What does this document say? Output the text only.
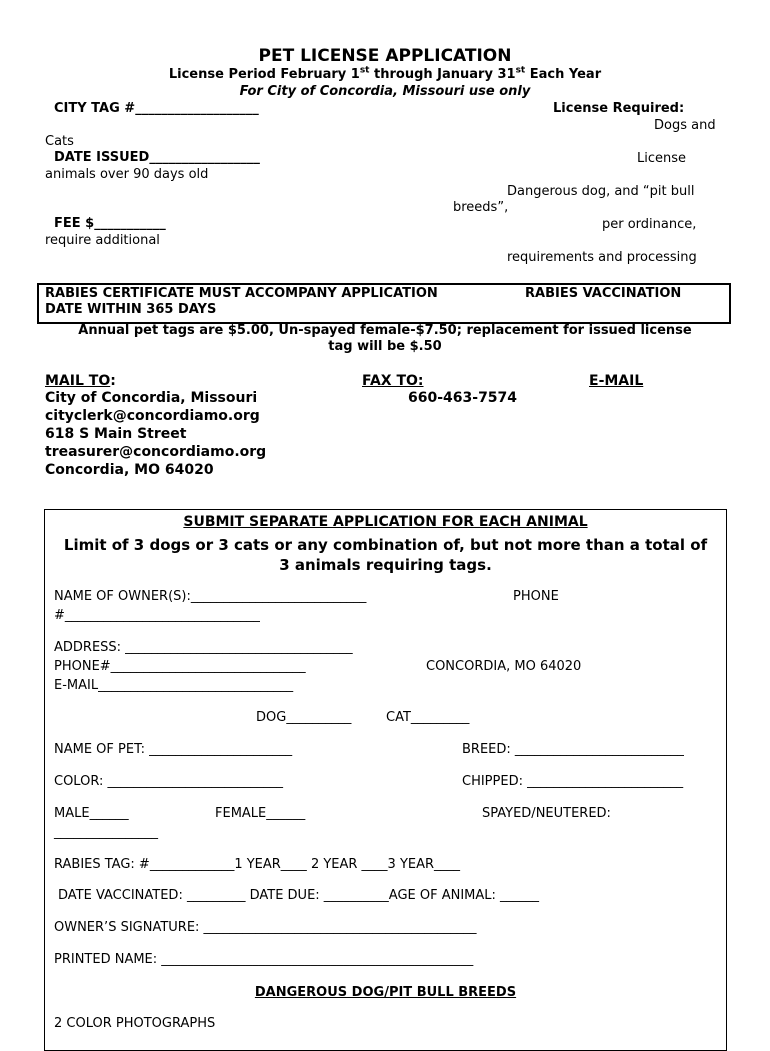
PET LICENSE APPLICATION
License Period February 1st through January 31st Each Year
For City of Concordia, Missouri use only
CITY TAG #___________________	License Required:
Dogs and
Cats
DATE ISSUED_________________	License
animals over 90 days old
Dangerous dog, and “pit bull
breeds”,
FEE $___________	per ordinance,
require additional
requirements and processing
RABIES CERTIFICATE MUST ACCOMPANY APPLICATION	RABIES VACCINATION
DATE WITHIN 365 DAYS
Annual pet tags are $5.00, Un-spayed female-$7.50; replacement for issued license
tag will be $.50
MAIL TO:	FAX TO:	E-MAIL
City of Concordia, Missouri	660-463-7574
cityclerk@concordiamo.org
618 S Main Street
treasurer@concordiamo.org
Concordia, MO 64020
SUBMIT SEPARATE APPLICATION FOR EACH ANIMAL
Limit of 3 dogs or 3 cats or any combination of, but not more than a total of
3 animals requiring tags.
NAME OF OWNER(S):___________________________	PHONE
#______________________________
ADDRESS: ___________________________________
PHONE#______________________________	CONCORDIA, MO 64020
E-MAIL______________________________
DOG__________	CAT_________
NAME OF PET: ______________________	BREED: __________________________
COLOR: ___________________________	CHIPPED: ________________________
MALE______	FEMALE______	SPAYED/NEUTERED:
________________
RABIES TAG: #_____________1 YEAR____ 2 YEAR ____3 YEAR____
DATE VACCINATED: _________ DATE DUE: __________AGE OF ANIMAL: ______
OWNER’S SIGNATURE: __________________________________________
PRINTED NAME: ________________________________________________
DANGEROUS DOG/PIT BULL BREEDS
2 COLOR PHOTOGRAPHS
